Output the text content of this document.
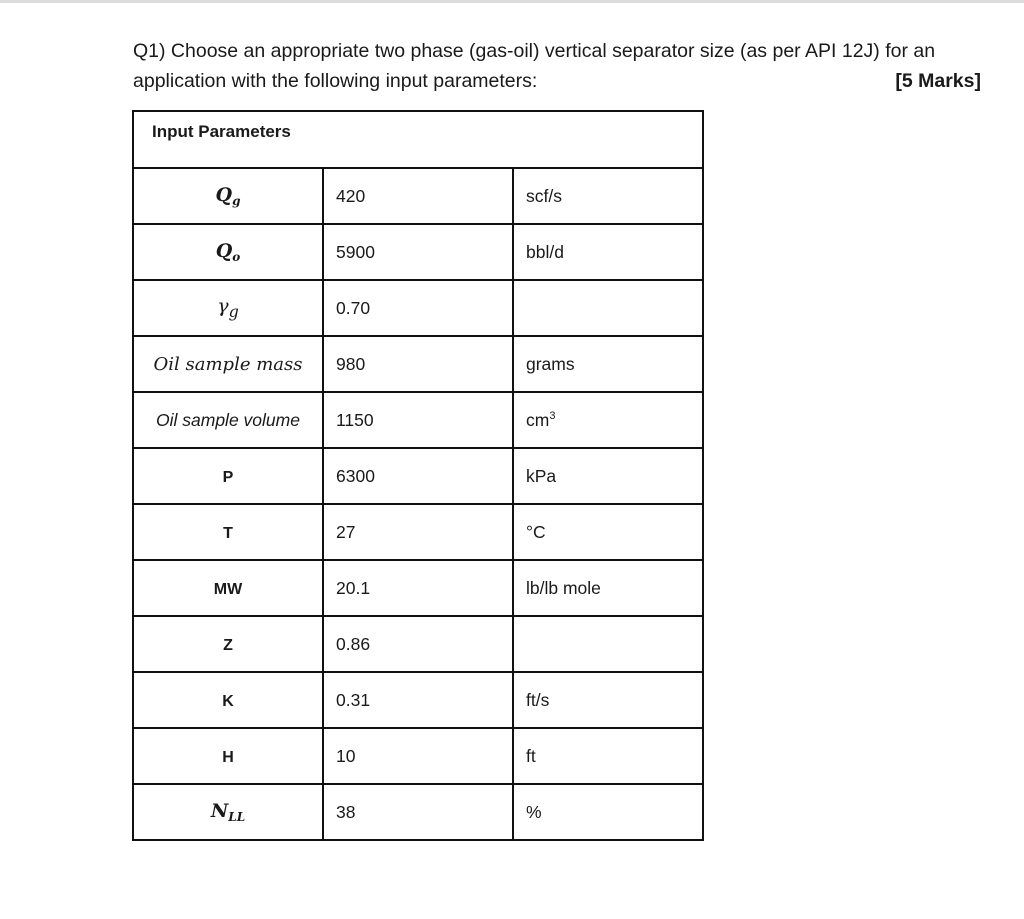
Q1) Choose an appropriate two phase (gas-oil) vertical separator size (as per API 12J) for an
application with the following input parameters:	[5 Marks]
Input Parameters		
$Q_g$	420	scf/s
$Q_o$	5900	bbl/d
$\gamma_g$	0.70	
Oil sample mass	980	grams
Oil sample volume	1150	$cm^3$
P	6300	kPa
T	27	°C
MW	20.1	lb/lb mole
Z	0.86	
K	0.31	ft/s
H	10	ft
$N_{LL}$	38	%
